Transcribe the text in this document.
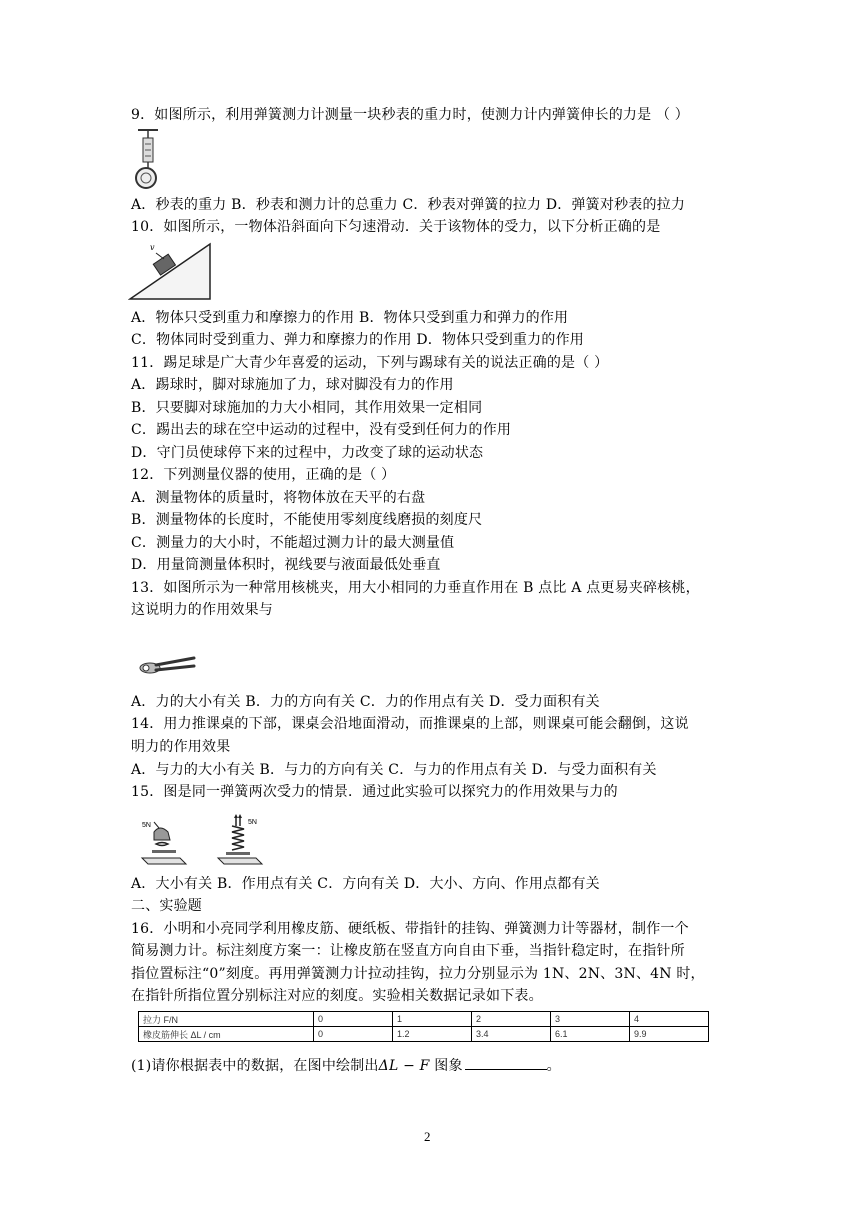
9．如图所示，利用弹簧测力计测量一块秒表的重力时，使测力计内弹簧伸长的力是 （ ）
A．秒表的重力 B．秒表和测力计的总重力 C．秒表对弹簧的拉力 D．弹簧对秒表的拉力
10．如图所示，一物体沿斜面向下匀速滑动．关于该物体的受力，以下分析正确的是
v
A．物体只受到重力和摩擦力的作用 B．物体只受到重力和弹力的作用
C．物体同时受到重力、弹力和摩擦力的作用 D．物体只受到重力的作用
11．踢足球是广大青少年喜爱的运动，下列与踢球有关的说法正确的是（ ）
A．踢球时，脚对球施加了力，球对脚没有力的作用
B．只要脚对球施加的力大小相同，其作用效果一定相同
C．踢出去的球在空中运动的过程中，没有受到任何力的作用
D．守门员使球停下来的过程中，力改变了球的运动状态
12．下列测量仪器的使用，正确的是（ ）
A．测量物体的质量时，将物体放在天平的右盘
B．测量物体的长度时，不能使用零刻度线磨损的刻度尺
C．测量力的大小时，不能超过测力计的最大测量值
D．用量筒测量体积时，视线要与液面最低处垂直
13．如图所示为一种常用核桃夹，用大小相同的力垂直作用在 B 点比 A 点更易夹碎核桃，
这说明力的作用效果与
A．力的大小有关 B．力的方向有关 C．力的作用点有关 D．受力面积有关
14．用力推课桌的下部，课桌会沿地面滑动，而推课桌的上部，则课桌可能会翻倒，这说
明力的作用效果
A．与力的大小有关 B．与力的方向有关 C．与力的作用点有关 D．与受力面积有关
15．图是同一弹簧两次受力的情景．通过此实验可以探究力的作用效果与力的
5N	5N
A．大小有关 B．作用点有关 C．方向有关 D．大小、方向、作用点都有关
二、实验题
16．小明和小亮同学利用橡皮筋、硬纸板、带指针的挂钩、弹簧测力计等器材，制作一个
简易测力计。标注刻度方案一：让橡皮筋在竖直方向自由下垂，当指针稳定时，在指针所
指位置标注“0”刻度。再用弹簧测力计拉动挂钩，拉力分别显示为 1N、2N、3N、4N 时，
在指针所指位置分别标注对应的刻度。实验相关数据记录如下表。
拉力 F/N	0	1	2	3	4
橡皮筋伸长 ΔL / cm	0	1.2	3.4	6.1	9.9
(1)请你根据表中的数据，在图中绘制出ΔL − F 图象	。
2
